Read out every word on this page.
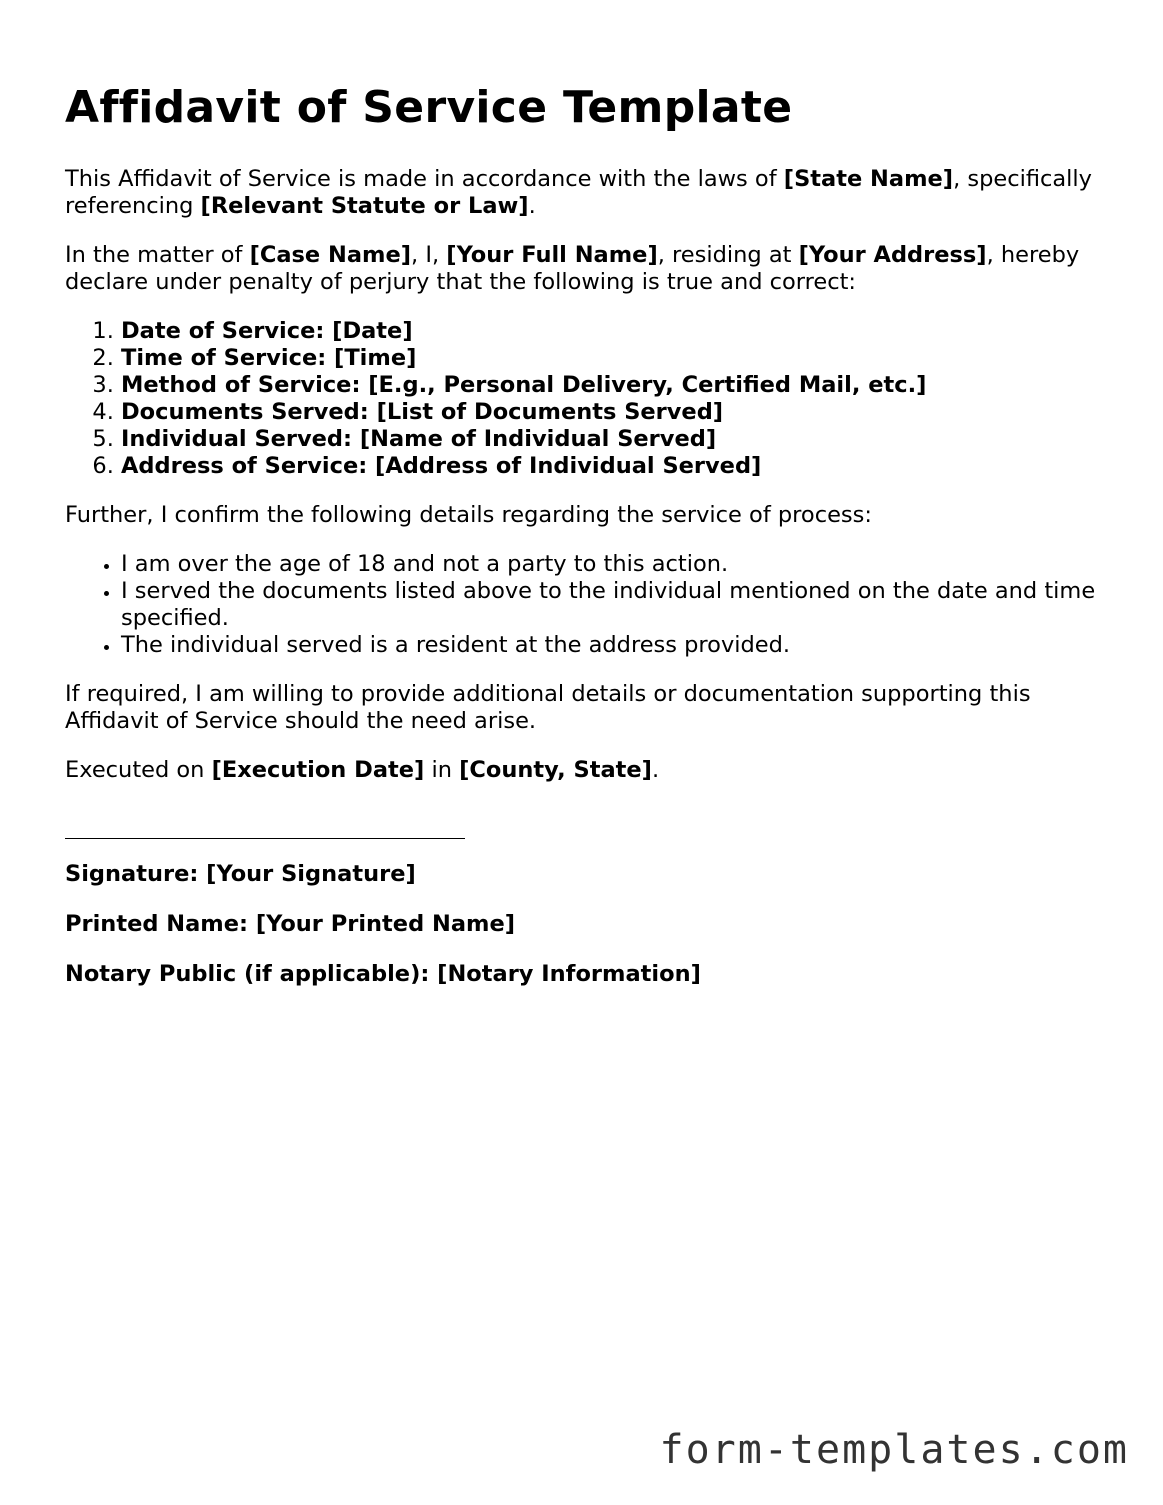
Affidavit of Service Template

This Affidavit of Service is made in accordance with the laws of [State Name], specifically referencing [Relevant Statute or Law].

In the matter of [Case Name], I, [Your Full Name], residing at [Your Address], hereby declare under penalty of perjury that the following is true and correct:

1. Date of Service: [Date]
2. Time of Service: [Time]
3. Method of Service: [E.g., Personal Delivery, Certified Mail, etc.]
4. Documents Served: [List of Documents Served]
5. Individual Served: [Name of Individual Served]
6. Address of Service: [Address of Individual Served]

Further, I confirm the following details regarding the service of process:

• I am over the age of 18 and not a party to this action.
• I served the documents listed above to the individual mentioned on the date and time specified.
• The individual served is a resident at the address provided.

If required, I am willing to provide additional details or documentation supporting this Affidavit of Service should the need arise.

Executed on [Execution Date] in [County, State].

Signature: [Your Signature]
Printed Name: [Your Printed Name]
Notary Public (if applicable): [Notary Information]
form-templates.com
